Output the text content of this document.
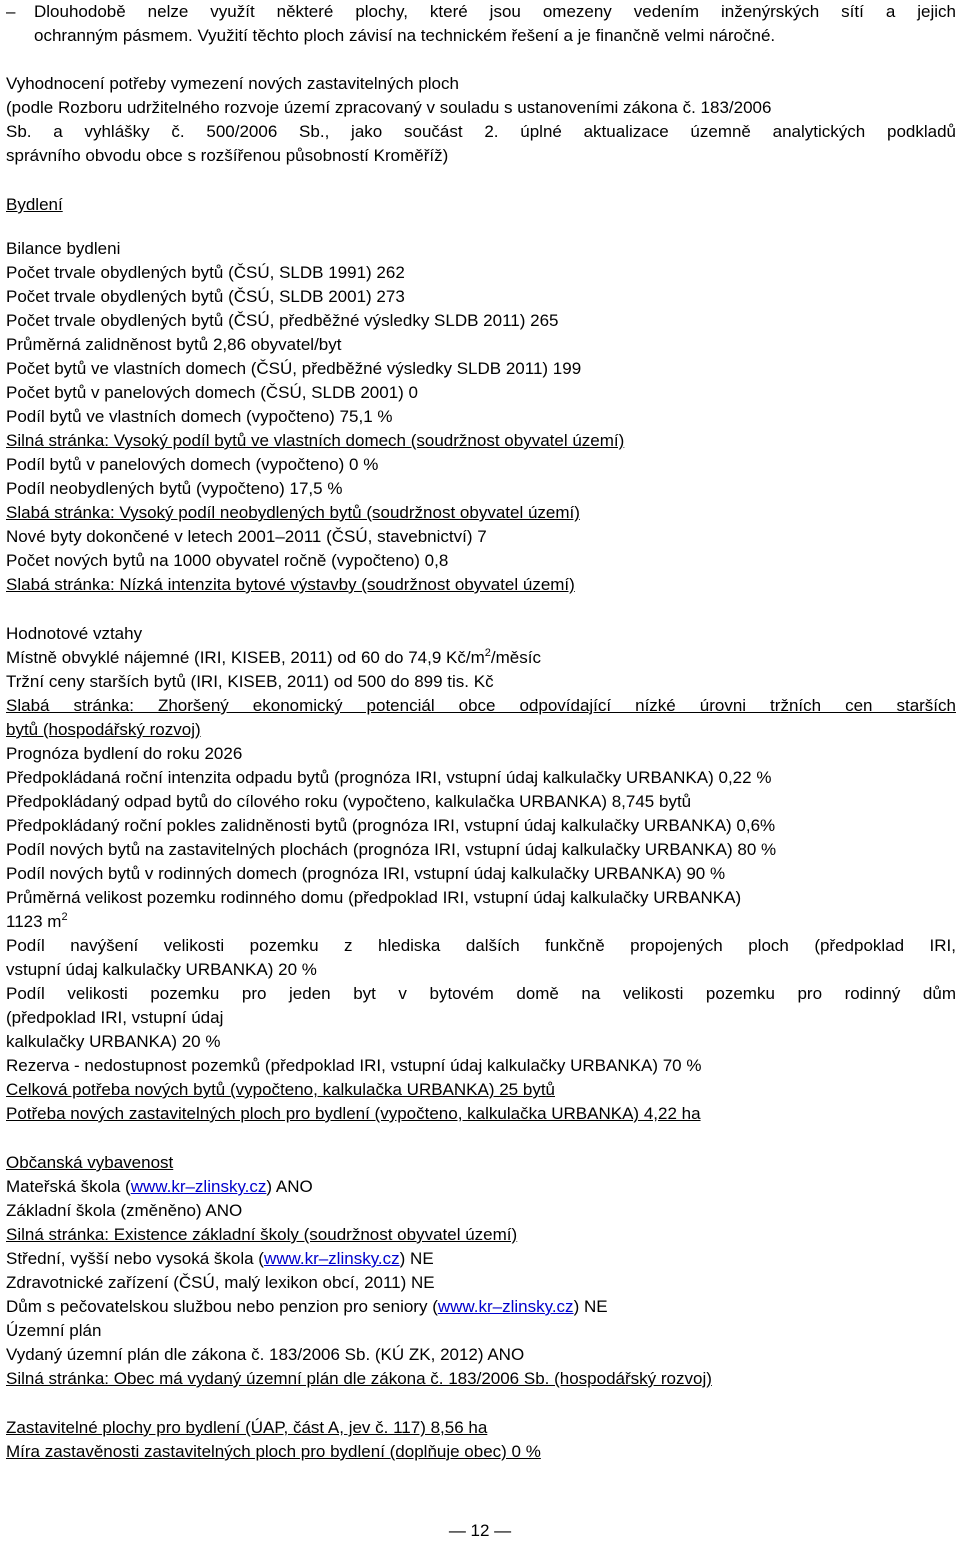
– Dlouhodobě nelze využít některé plochy, které jsou omezeny vedením inženýrských sítí a jejich
ochranným pásmem. Využití těchto ploch závisí na technickém řešení a je finančně velmi náročné.
Vyhodnocení potřeby vymezení nových zastavitelných ploch
(podle Rozboru udržitelného rozvoje území zpracovaný v souladu s ustanoveními zákona č. 183/2006
Sb. a vyhlášky č. 500/2006 Sb., jako součást 2. úplné aktualizace územně analytických podkladů
správního obvodu obce s rozšířenou působností Kroměříž)
Bydlení
Bilance bydleni
Počet trvale obydlených bytů (ČSÚ, SLDB 1991) 262
Počet trvale obydlených bytů (ČSÚ, SLDB 2001) 273
Počet trvale obydlených bytů (ČSÚ, předběžné výsledky SLDB 2011) 265
Průměrná zalidněnost bytů 2,86 obyvatel/byt
Počet bytů ve vlastních domech (ČSÚ, předběžné výsledky SLDB 2011) 199
Počet bytů v panelových domech (ČSÚ, SLDB 2001) 0
Podíl bytů ve vlastních domech (vypočteno) 75,1 %
Silná stránka: Vysoký podíl bytů ve vlastních domech (soudržnost obyvatel území)
Podíl bytů v panelových domech (vypočteno) 0 %
Podíl neobydlených bytů (vypočteno) 17,5 %
Slabá stránka: Vysoký podíl neobydlených bytů (soudržnost obyvatel území)
Nové byty dokončené v letech 2001–2011 (ČSÚ, stavebnictví) 7
Počet nových bytů na 1000 obyvatel ročně (vypočteno) 0,8
Slabá stránka: Nízká intenzita bytové výstavby (soudržnost obyvatel území)
Hodnotové vztahy
Místně obvyklé nájemné (IRI, KISEB, 2011) od 60 do 74,9 $Kč/m^2$/měsíc
Tržní ceny starších bytů (IRI, KISEB, 2011) od 500 do 899 tis. Kč
Slabá stránka: Zhoršený ekonomický potenciál obce odpovídající nízké úrovni tržních cen starších
bytů (hospodářský rozvoj)
Prognóza bydlení do roku 2026
Předpokládaná roční intenzita odpadu bytů (prognóza IRI, vstupní údaj kalkulačky URBANKA) 0,22 %
Předpokládaný odpad bytů do cílového roku (vypočteno, kalkulačka URBANKA) 8,745 bytů
Předpokládaný roční pokles zalidněnosti bytů (prognóza IRI, vstupní údaj kalkulačky URBANKA) 0,6%
Podíl nových bytů na zastavitelných plochách (prognóza IRI, vstupní údaj kalkulačky URBANKA) 80 %
Podíl nových bytů v rodinných domech (prognóza IRI, vstupní údaj kalkulačky URBANKA) 90 %
Průměrná velikost pozemku rodinného domu (předpoklad IRI, vstupní údaj kalkulačky URBANKA)
1123 $m^2$
Podíl navýšení velikosti pozemku z hlediska dalších funkčně propojených ploch (předpoklad IRI,
vstupní údaj kalkulačky URBANKA) 20 %
Podíl velikosti pozemku pro jeden byt v bytovém domě na velikosti pozemku pro rodinný dům
(předpoklad IRI, vstupní údaj
kalkulačky URBANKA) 20 %
Rezerva - nedostupnost pozemků (předpoklad IRI, vstupní údaj kalkulačky URBANKA) 70 %
Celková potřeba nových bytů (vypočteno, kalkulačka URBANKA) 25 bytů
Potřeba nových zastavitelných ploch pro bydlení (vypočteno, kalkulačka URBANKA) 4,22 ha
Občanská vybavenost
Mateřská škola (www.kr–zlinsky.cz) ANO
Základní škola (změněno) ANO
Silná stránka: Existence základní školy (soudržnost obyvatel území)
Střední, vyšší nebo vysoká škola (www.kr–zlinsky.cz) NE
Zdravotnické zařízení (ČSÚ, malý lexikon obcí, 2011) NE
Dům s pečovatelskou službou nebo penzion pro seniory (www.kr–zlinsky.cz) NE
Územní plán
Vydaný územní plán dle zákona č. 183/2006 Sb. (KÚ ZK, 2012) ANO
Silná stránka: Obec má vydaný územní plán dle zákona č. 183/2006 Sb. (hospodářský rozvoj)
Zastavitelné plochy pro bydlení (ÚAP, část A, jev č. 117) 8,56 ha
Míra zastavěnosti zastavitelných ploch pro bydlení (doplňuje obec) 0 %
— 12 —
